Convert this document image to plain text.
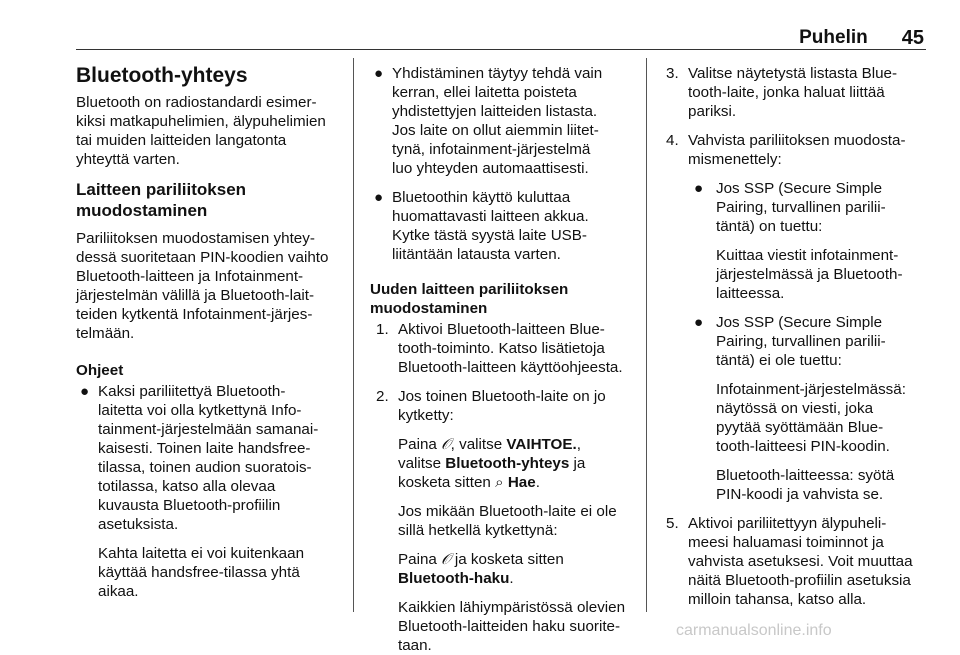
Puhelin 45
Bluetooth-yhteys

Bluetooth on radiostandardi esimer-

kiksi matkapuhelimien, älypuhelimien

tai muiden laitteiden langatonta

yhteyttä varten.

Laitteen pariliitoksen

muodostaminen

Pariliitoksen muodostamisen yhtey-

dessä suoritetaan PIN-koodien vaihto

Bluetooth-laitteen ja Infotainment-

järjestelmän välillä ja Bluetooth-lait-

teiden kytkentä Infotainment-järjes-

telmään.

Ohjeet
● Kaksi pariliitettyä Bluetooth-

laitetta voi olla kytkettynä Info-

tainment-järjestelmään samanai-

kaisesti. Toinen laite handsfree-

tilassa, toinen audion suoratois-

totilassa, katso alla olevaa

kuvausta Bluetooth-profiilin

asetuksista.

Kahta laitetta ei voi kuitenkaan

käyttää handsfree-tilassa yhtä

aikaa.

● Yhdistäminen täytyy tehdä vain

kerran, ellei laitetta poisteta

yhdistettyjen laitteiden listasta.

Jos laite on ollut aiemmin liitet-

tynä, infotainment-järjestelmä

luo yhteyden automaattisesti.

● Bluetoothin käyttö kuluttaa

huomattavasti laitteen akkua.

Kytke tästä syystä laite USB-

liitäntään latausta varten.

Uuden laitteen pariliitoksen

muodostaminen

1. Aktivoi Bluetooth-laitteen Blue-

tooth-toiminto. Katso lisätietoja

Bluetooth-laitteen käyttöohjeesta.

2. Jos toinen Bluetooth-laite on jo

kytketty:

Paina 𝒪, valitse VAIHTOE.,

valitse Bluetooth-yhteys ja

kosketa sitten ⌕ Hae.

Jos mikään Bluetooth-laite ei ole

sillä hetkellä kytkettynä:

Paina 𝒪 ja kosketa sitten

Bluetooth-haku.

Kaikkien lähiympäristössä olevien

Bluetooth-laitteiden haku suorite-

taan.

3. Valitse näytetystä listasta Blue-

tooth-laite, jonka haluat liittää

pariksi.

4. Vahvista pariliitoksen muodosta-

mismenettely:

● Jos SSP (Secure Simple

Pairing, turvallinen parilii-

täntä) on tuettu:

Kuittaa viestit infotainment-

järjestelmässä ja Bluetooth-

laitteessa.

● Jos SSP (Secure Simple

Pairing, turvallinen parilii-

täntä) ei ole tuettu:

Infotainment-järjestelmässä:

näytössä on viesti, joka

pyytää syöttämään Blue-

tooth-laitteesi PIN-koodin.

Bluetooth-laitteessa: syötä

PIN-koodi ja vahvista se.

5. Aktivoi pariliitettyyn älypuheli-

meesi haluamasi toiminnot ja

vahvista asetuksesi. Voit muuttaa

näitä Bluetooth-profiilin asetuksia

milloin tahansa, katso alla.

carmanualsonline.info
